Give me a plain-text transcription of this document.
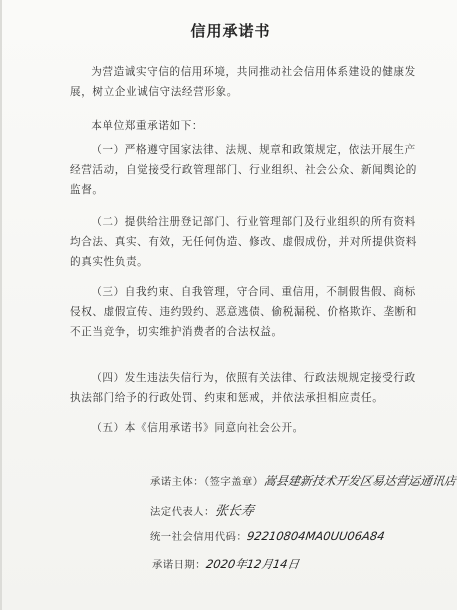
信用承诺书

为营造诚实守信的信用环境，共同推动社会信用体系建设的健康发展，树立企业诚信守法经营形象。

本单位郑重承诺如下：

（一）严格遵守国家法律、法规、规章和政策规定，依法开展生产经营活动，自觉接受行政管理部门、行业组织、社会公众、新闻舆论的监督。

（二）提供给注册登记部门、行业管理部门及行业组织的所有资料均合法、真实、有效，无任何伪造、修改、虚假成份，并对所提供资料的真实性负责。

（三）自我约束、自我管理，守合同、重信用，不制假售假、商标侵权、虚假宣传、违约毁约、恶意逃债、偷税漏税、价格欺诈、垄断和不正当竞争，切实维护消费者的合法权益。

（四）发生违法失信行为，依照有关法律、行政法规规定接受行政执法部门给予的行政处罚、约束和惩戒，并依法承担相应责任。

（五）本《信用承诺书》同意向社会公开。

承诺主体：（签字盖章）嵩县建新技术开发区易达营运通讯店
法定代表人：张长寿
统一社会信用代码：92210804MA0UU06A84
承诺日期：2020年12月14日
